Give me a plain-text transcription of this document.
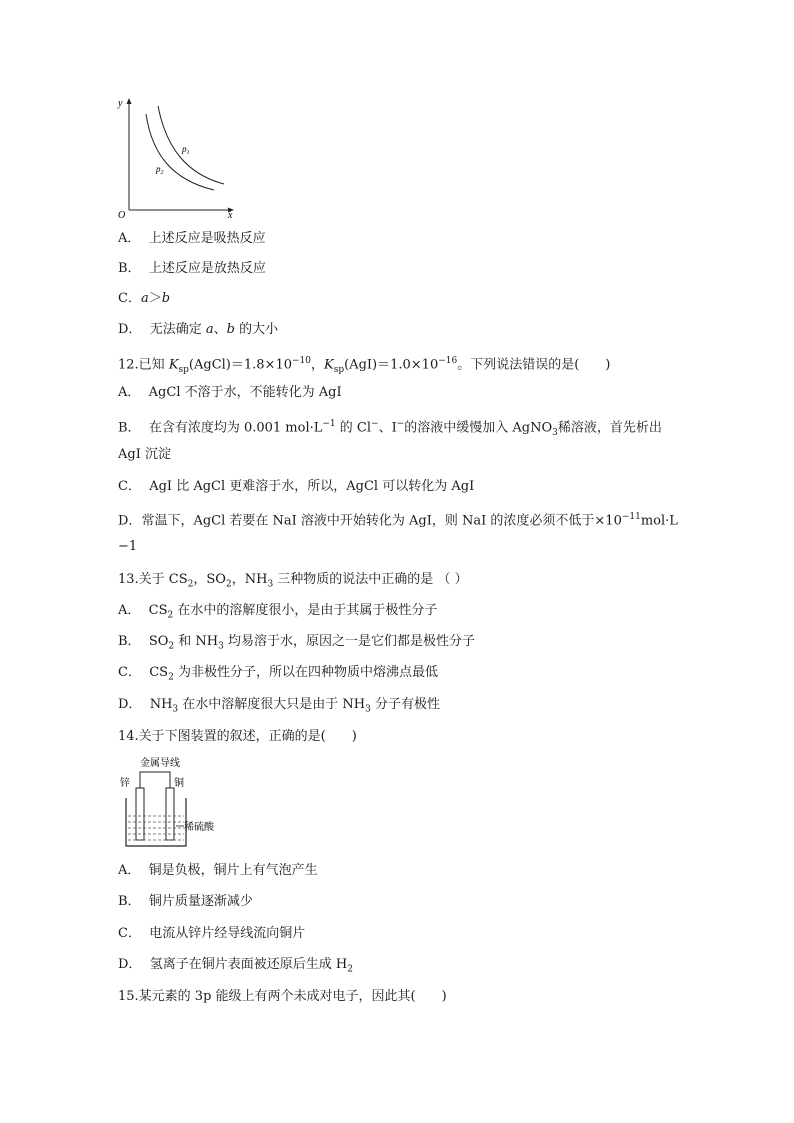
y
O	x
$p_1$
$p_2$
A． 上述反应是吸热反应
B． 上述反应是放热反应
C．a＞b
D． 无法确定 a、b 的大小
12.已知 $K_{sp}(AgCl)=1.8\times 10^{-10}$，$K_{sp}(AgI)=1.0\times 10^{-16}$。下列说法错误的是(　　)
A． AgCl 不溶于水，不能转化为 AgI
B． 在含有浓度均为 0.001 $mol\cdot L^{-1}$ 的 Cl−、I−的溶液中缓慢加入 AgNO$_3$稀溶液，首先析出
AgI 沉淀
C． AgI 比 AgCl 更难溶于水，所以，AgCl 可以转化为 AgI
D．常温下，AgCl 若要在 NaI 溶液中开始转化为 AgI，则 NaI 的浓度必须不低于$\times 10^{-11}mol\cdot L$
−1
13.关于 $CS_2$，$SO_2$，$NH_3$ 三种物质的说法中正确的是 （ ）
A． $CS_2$ 在水中的溶解度很小，是由于其属于极性分子
B． $SO_2$ 和 $NH_3$ 均易溶于水，原因之一是它们都是极性分子
C． $CS_2$ 为非极性分子，所以在四种物质中熔沸点最低
D． $NH_3$ 在水中溶解度很大只是由于 $NH_3$ 分子有极性
14.关于下图装置的叙述，正确的是(　　)
金属导线
锌	铜
稀硫酸
A． 铜是负极，铜片上有气泡产生
B． 铜片质量逐渐减少
C． 电流从锌片经导线流向铜片
D． 氢离子在铜片表面被还原后生成 $H_2$
15.某元素的 3p 能级上有两个未成对电子，因此其(　　)
